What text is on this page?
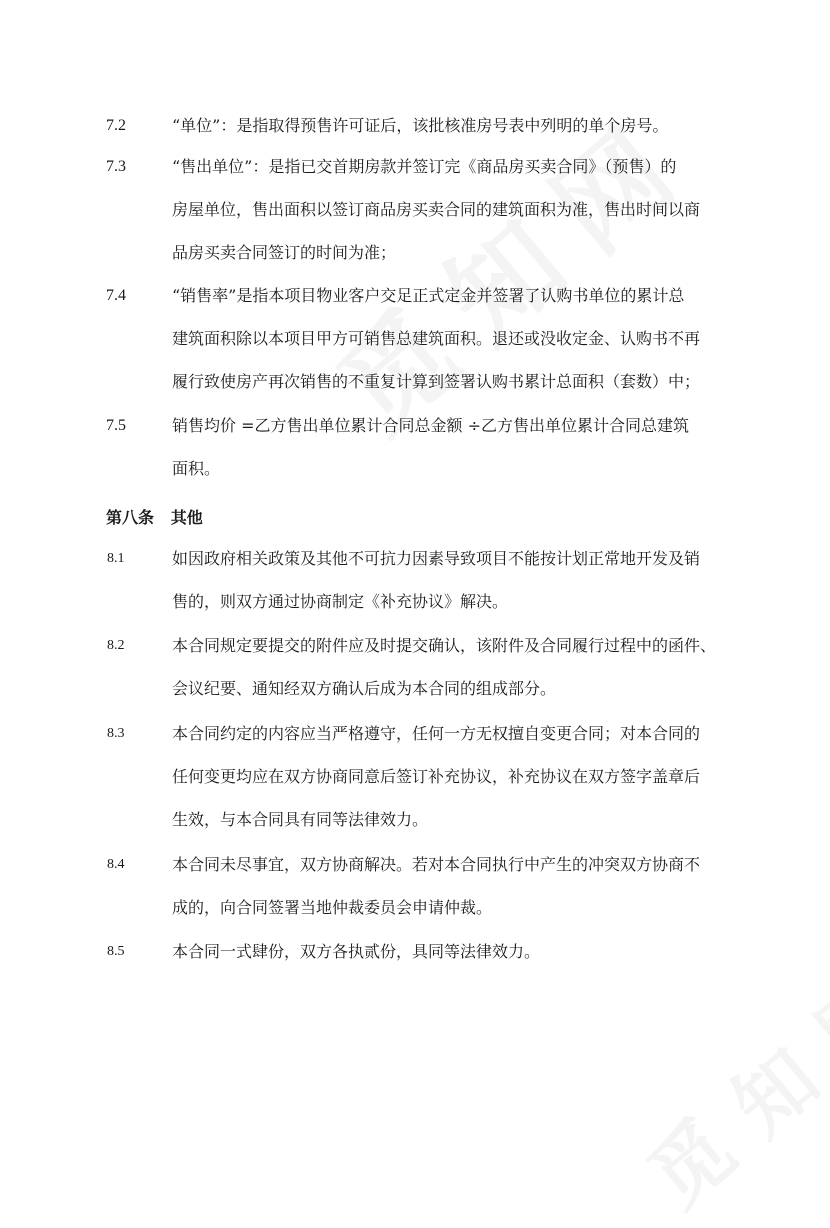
7.2	“单位”：是指取得预售许可证后，该批核准房号表中列明的单个房号。
7.3	“售出单位”：是指已交首期房款并签订完《商品房买卖合同》（预售）的
房屋单位，售出面积以签订商品房买卖合同的建筑面积为准，售出时间以商
品房买卖合同签订的时间为准；
7.4	“销售率”是指本项目物业客户交足正式定金并签署了认购书单位的累计总
建筑面积除以本项目甲方可销售总建筑面积。退还或没收定金、认购书不再
履行致使房产再次销售的不重复计算到签署认购书累计总面积（套数）中；
7.5	销售均价 =乙方售出单位累计合同总金额 ÷乙方售出单位累计合同总建筑
面积。
第八条   其他
8.1	如因政府相关政策及其他不可抗力因素导致项目不能按计划正常地开发及销
售的，则双方通过协商制定《补充协议》解决。
8.2	本合同规定要提交的附件应及时提交确认，该附件及合同履行过程中的函件、
会议纪要、通知经双方确认后成为本合同的组成部分。
8.3	本合同约定的内容应当严格遵守，任何一方无权擅自变更合同；对本合同的
任何变更均应在双方协商同意后签订补充协议，补充协议在双方签字盖章后
生效，与本合同具有同等法律效力。
8.4	本合同未尽事宜，双方协商解决。若对本合同执行中产生的冲突双方协商不
成的，向合同签署当地仲裁委员会申请仲裁。
8.5	本合同一式肆份，双方各执贰份，具同等法律效力。
